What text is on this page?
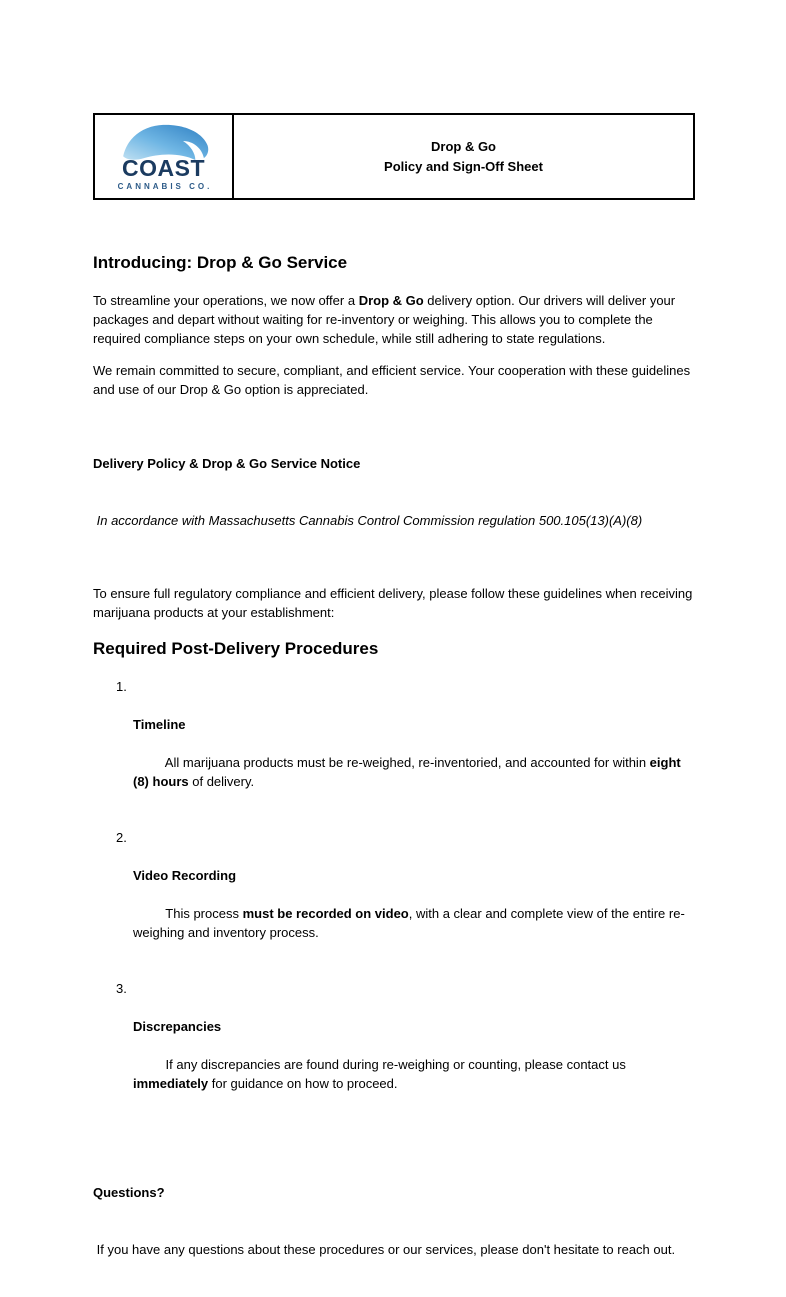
COAST
CANNABIS CO.
Drop & Go
Policy and Sign-Off Sheet
Introducing: Drop & Go Service

To streamline your operations, we now offer a Drop & Go delivery option. Our drivers will deliver your packages and depart without waiting for re-inventory or weighing. This allows you to complete the required compliance steps on your own schedule, while still adhering to state regulations.

We remain committed to secure, compliant, and efficient service. Your cooperation with these guidelines and use of our Drop & Go option is appreciated.

Delivery Policy & Drop & Go Service Notice

In accordance with Massachusetts Cannabis Control Commission regulation 500.105(13)(A)(8)

To ensure full regulatory compliance and efficient delivery, please follow these guidelines when receiving marijuana products at your establishment:

Required Post-Delivery Procedures
1.

Timeline

All marijuana products must be re-weighed, re-inventoried, and accounted for within eight (8) hours of delivery.

2.

Video Recording

This process must be recorded on video, with a clear and complete view of the entire re-weighing and inventory process.

3.

Discrepancies

If any discrepancies are found during re-weighing or counting, please contact us immediately for guidance on how to proceed.

Questions?

If you have any questions about these procedures or our services, please don't hesitate to reach out.
